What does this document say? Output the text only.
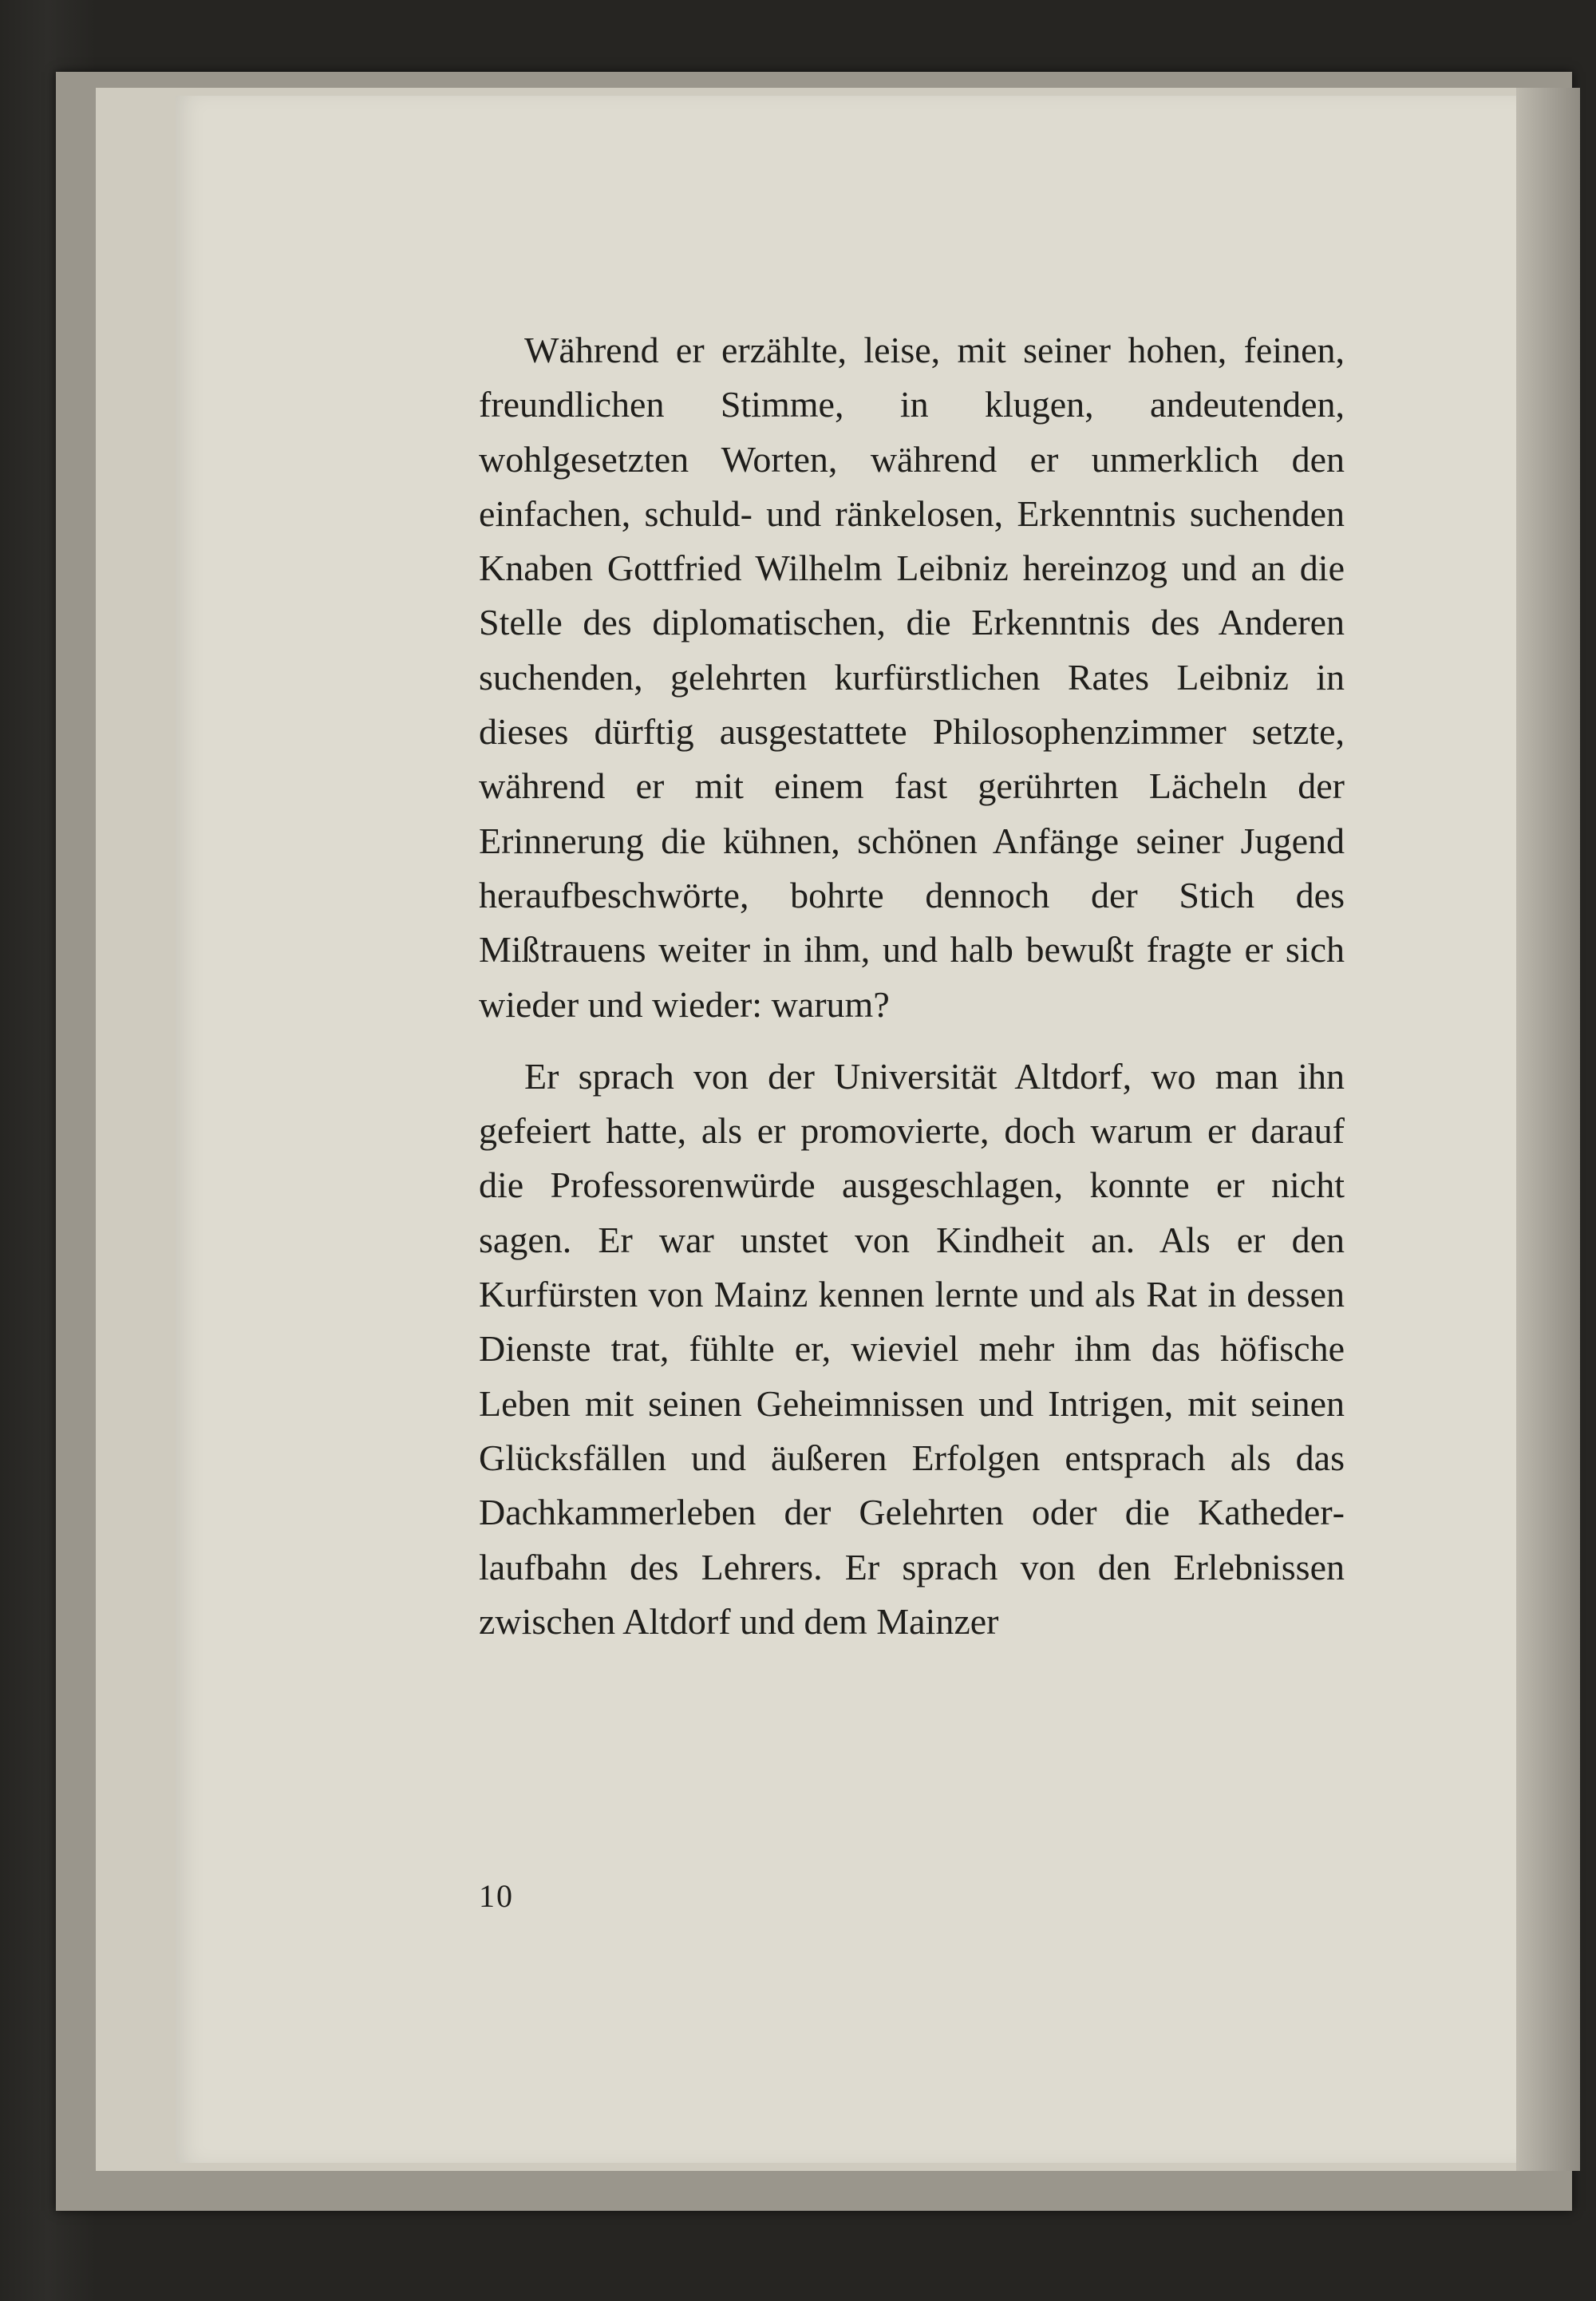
Während er erzählte, leise, mit seiner hohen, feinen, freundlichen Stimme, in klugen, andeutenden, wohlgesetzten Worten, während er unmerklich den einfachen, schuld- und ränkelosen, Erkenntnis suchenden Knaben Gottfried Wilhelm Leibniz hereinzog und an die Stelle des diplomatischen, die Erkenntnis des Anderen suchenden, gelehrten kurfürstlichen Rates Leibniz in dieses dürftig ausgestattete Philosophenzimmer setzte, während er mit einem fast gerührten Lächeln der Erinnerung die kühnen, schönen Anfänge seiner Jugend heraufbeschwörte, bohrte dennoch der Stich des Mißtrauens weiter in ihm, und halb bewußt fragte er sich wieder und wieder: warum?

Er sprach von der Universität Altdorf, wo man ihn gefeiert hatte, als er promovierte, doch warum er darauf die Professorenwürde ausgeschlagen, konnte er nicht sagen. Er war unstet von Kindheit an. Als er den Kurfürsten von Mainz kennen lernte und als Rat in dessen Dienste trat, fühlte er, wieviel mehr ihm das höfische Leben mit seinen Geheimnissen und Intrigen, mit seinen Glücksfällen und äußeren Erfolgen entsprach als das Dachkammerleben der Gelehrten oder die Kathederlaufbahn des Lehrers. Er sprach von den Erlebnissen zwischen Altdorf und dem Mainzer

10
